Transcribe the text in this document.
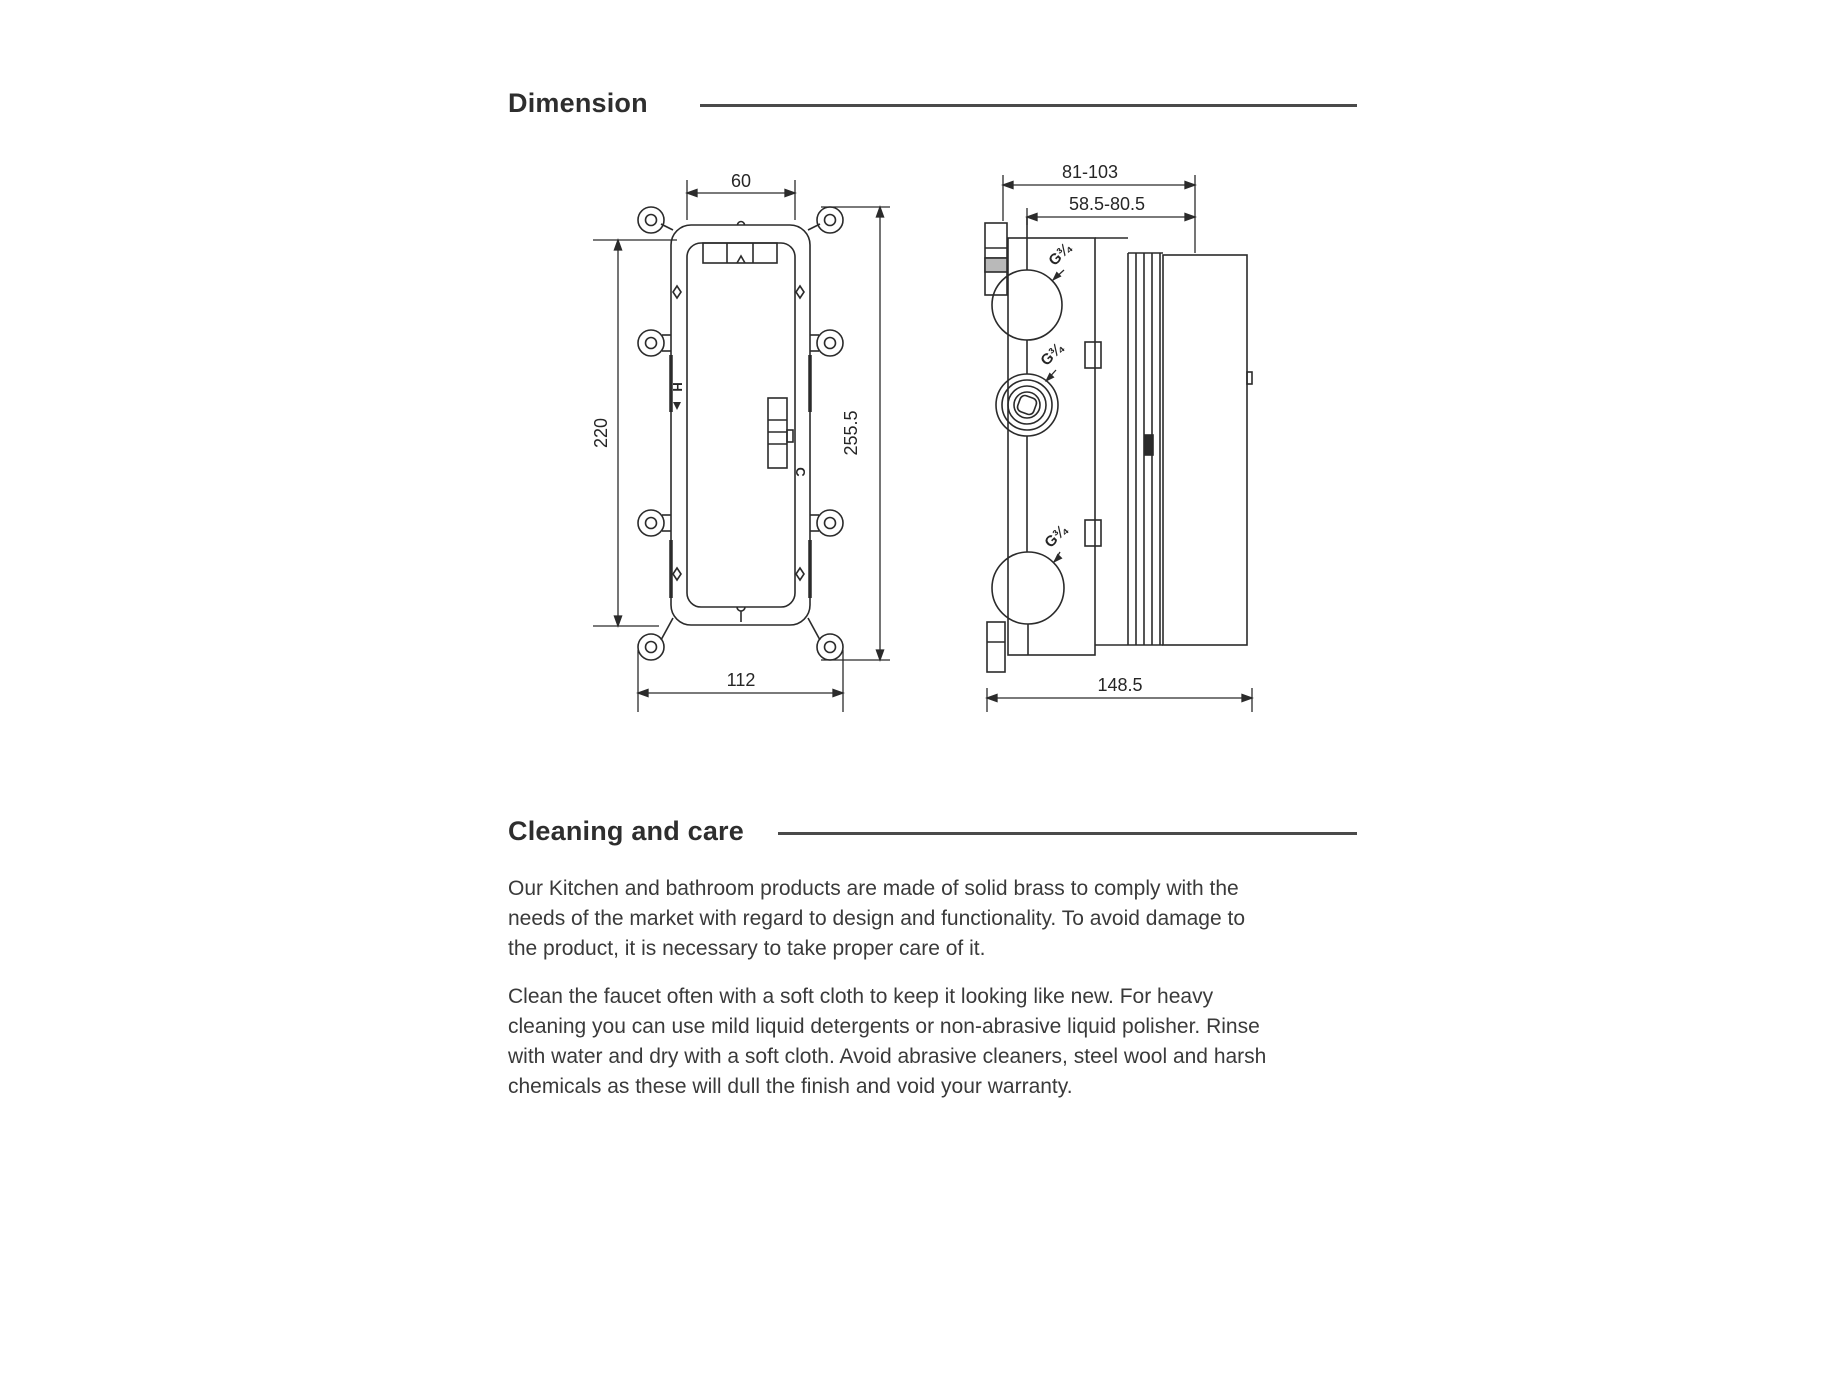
Dimension
H
C
60
220	255.5
112
G¾
G¾
G¾
81-103
58.5-80.5
148.5
Cleaning and care
Our Kitchen and bathroom products are made of solid brass to comply with the
needs of the market with regard to design and functionality. To avoid damage to
the product, it is necessary to take proper care of it.
Clean the faucet often with a soft cloth to keep it looking like new. For heavy
cleaning you can use mild liquid detergents or non-abrasive liquid polisher. Rinse
with water and dry with a soft cloth. Avoid abrasive cleaners, steel wool and harsh
chemicals as these will dull the finish and void your warranty.
